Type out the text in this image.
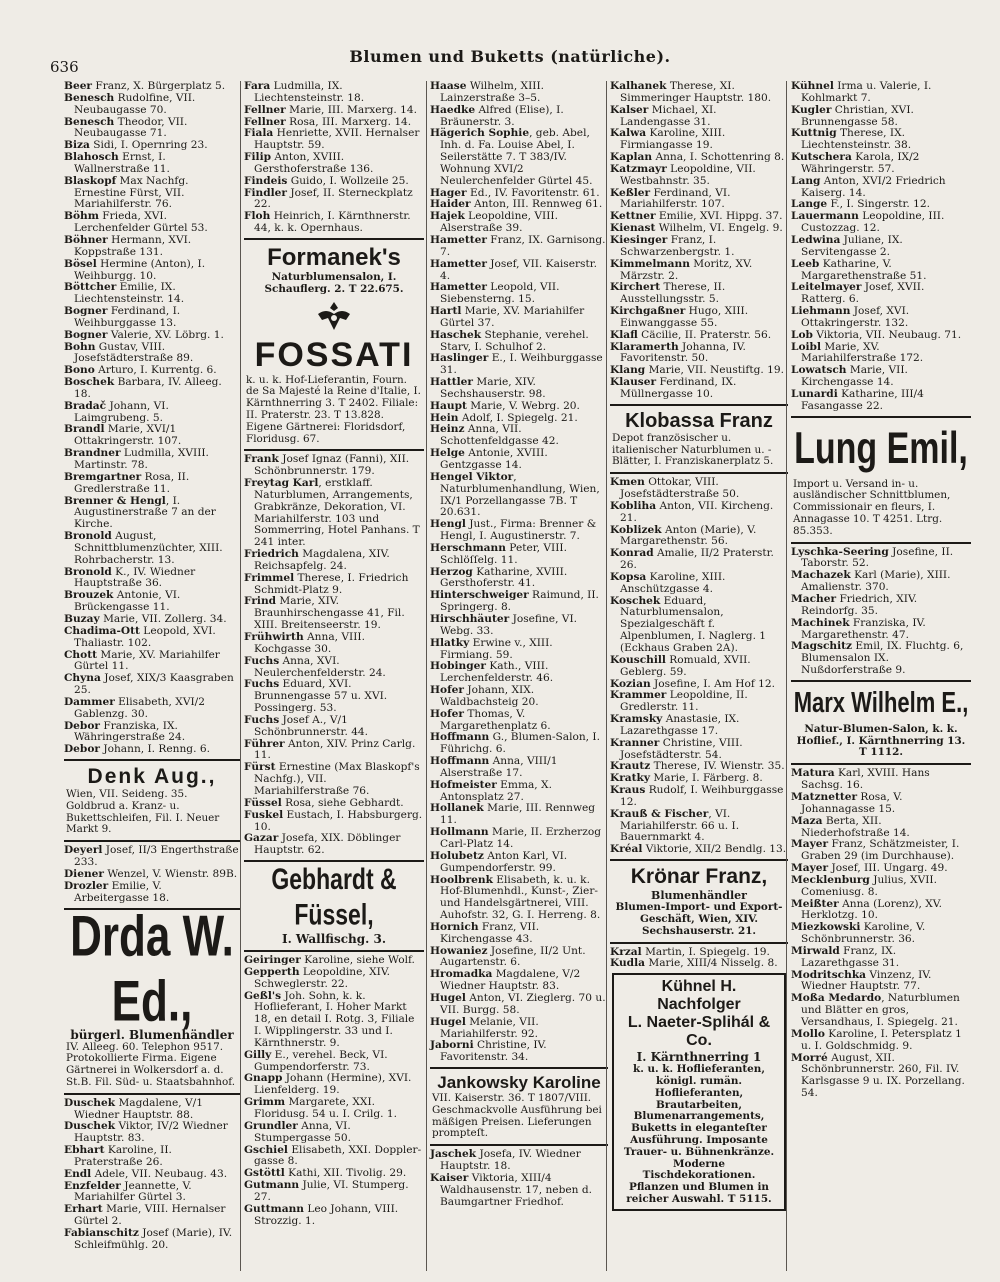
636
Blumen und Buketts (natürliche).

Beer Franz, X. Bürgerplatz 5.

Benesch Rudolfine, VII. Neubaugasse 70.

Benesch Theodor, VII. Neubaugasse 71.

Biza Sidi, I. Opernring 23.

Blahosch Ernst, I. Wallnerstraße 11.

Blaskopf Max Nachfg. Ernestine Fürst, VII. Mariahilferstr. 76.

Böhm Frieda, XVI. Lerchenfelder Gürtel 53.

Böhner Hermann, XVI. Koppstraße 131.

Bösel Hermine (Anton), I. Weihburgg. 10.

Böttcher Emilie, IX. Liechtensteinstr. 14.

Bogner Ferdinand, I. Weihburggasse 13.

Bogner Valerie, XV. Löbrg. 1.

Bohn Gustav, VIII. Josefstädterstraße 89.

Bono Arturo, I. Kurrentg. 6.

Boschek Barbara, IV. Alleeg. 18.

Bradač Johann, VI. Laimgrubeng. 5.

Brandl Marie, XVI/1 Ottakringerstr. 107.

Brandner Ludmilla, XVIII. Martinstr. 78.

Bremgartner Rosa, II. Gredlerstraße 11.

Brenner & Hengl, I. Augustinerstraße 7 an der Kirche.

Bronold August, Schnittblumenzüchter, XIII. Rohrbacherstr. 13.

Bronold K., IV. Wiedner Hauptstraße 36.

Brouzek Antonie, VI. Brückengasse 11.

Buzay Marie, VII. Zollerg. 34.

Chadima-Ott Leopold, XVI. Thaliastr. 102.

Chott Marie, XV. Mariahilfer Gürtel 11.

Chyna Josef, XIX/3 Kaasgraben 25.

Dammer Elisabeth, XVI/2 Gablenzg. 30.

Debor Franziska, IX. Währingerstraße 24.

Debor Johann, I. Renng. 6.

Denk Aug.,
Wien, VII. Seideng. 35. Goldbrud a. Kranz- u. Bukettschleifen, Fil. I. Neuer Markt 9.

Deyerl Josef, II/3 Engerthstraße 233.

Diener Wenzel, V. Wienstr. 89B.

Drozler Emilie, V. Arbeitergasse 18.

Drda W. Ed.,
bürgerl. Blumenhändler
IV. Alleeg. 60. Telephon 9517. Protokollierte Firma. Eigene Gärtnerei in Wolkersdorf a. d. St.B. Fil. Süd- u. Staatsbahnhof.

Duschek Magdalene, V/1 Wiedner Hauptstr. 88.

Duschek Viktor, IV/2 Wiedner Hauptstr. 83.

Ebhart Karoline, II. Praterstraße 26.

Endl Adele, VII. Neubaug. 43.

Enzfelder Jeannette, V. Mariahilfer Gürtel 3.

Erhart Marie, VIII. Hernalser Gürtel 2.

Fabianschitz Josef (Marie), IV. Schleifmühlg. 20.

Fara Ludmilla, IX. Liechtensteinstr. 18.

Fellner Marie, III. Marxerg. 14.

Fellner Rosa, III. Marxerg. 14.

Fiala Henriette, XVII. Hernalser Hauptstr. 59.

Filip Anton, XVIII. Gersthoferstraße 136.

Findeis Guido, I. Wollzeile 25.

Findler Josef, II. Sterneckplatz 22.

Floh Heinrich, I. Kärnthnerstr. 44, k. k. Opernhaus.

Formanek's
Naturblumensalon, I. Schauflerg. 2. T 22.675.
FOSSATI
k. u. k. Hof-Lieferantin, Fourn. de Sa Majesté la Reine d'Italie, I. Kärnthnerring 3. T 2402. Filiale: II. Praterstr. 23. T 13.828. Eigene Gärtnerei: Floridsdorf, Floridusg. 67.

Frank Josef Ignaz (Fanni), XII. Schönbrunnerstr. 179.

Freytag Karl, erstklaff. Naturblumen, Arrangements, Grabkränze, Dekoration, VI. Mariahilferstr. 103 und Sommerring, Hotel Panhans. T 241 inter.

Friedrich Magdalena, XIV. Reichsapfelg. 24.

Frimmel Therese, I. Friedrich Schmidt-Platz 9.

Frind Marie, XIV. Braunhirschengasse 41, Fil. XIII. Breitenseerstr. 19.

Frühwirth Anna, VIII. Kochgasse 30.

Fuchs Anna, XVI. Neulerchenfelderstr. 24.

Fuchs Eduard, XVI. Brunnengasse 57 u. XVI. Possingerg. 53.

Fuchs Josef A., V/1 Schönbrunnerstr. 44.

Führer Anton, XIV. Prinz Carlg. 11.

Fürst Ernestine (Max Blaskopf's Nachfg.), VII. Mariahilferstraße 76.

Füssel Rosa, siehe Gebhardt.

Fuskel Eustach, I. Habsburgerg. 10.

Gazar Josefa, XIX. Döblinger Hauptstr. 62.

Gebhardt & Füssel,
I. Wallfischg. 3.

Geiringer Karoline, siehe Wolf.

Gepperth Leopoldine, XIV. Schweglerstr. 22.

Geßl's Joh. Sohn, k. k. Hoflieferant, I. Hoher Markt 18, en detail I. Rotg. 3, Filiale I. Wipplingerstr. 33 und I. Kärnthnerstr. 9.

Gilly E., verehel. Beck, VI. Gumpendorferstr. 73.

Gnapp Johann (Hermine), XVI. Lienfelderg. 19.

Grimm Margarete, XXI. Floridusg. 54 u. I. Crilg. 1.

Grundler Anna, VI. Stumpergasse 50.

Gschiel Elisabeth, XXI. Dopplergasse 8.

Gstöttl Kathi, XII. Tivolig. 29.

Gutmann Julie, VI. Stumperg. 27.

Guttmann Leo Johann, VIII. Strozzig. 1.

Haase Wilhelm, XIII. Lainzerstraße 3–5.

Haedke Alfred (Elise), I. Bräunerstr. 3.

Hägerich Sophie, geb. Abel, Inh. d. Fa. Louise Abel, I. Seilerstätte 7. T 383/IV. Wohnung XVI/2 Neulerchenfelder Gürtel 45.

Hager Ed., IV. Favoritenstr. 61.

Haider Anton, III. Rennweg 61.

Hajek Leopoldine, VIII. Alserstraße 39.

Hametter Franz, IX. Garnisong. 7.

Hametter Josef, VII. Kaiserstr. 4.

Hametter Leopold, VII. Siebensterng. 15.

Hartl Marie, XV. Mariahilfer Gürtel 37.

Haschek Stephanie, verehel. Starv, I. Schulhof 2.

Haslinger E., I. Weihburggasse 31.

Hattler Marie, XIV. Sechshauserstr. 98.

Haupt Marie, V. Webrg. 20.

Hein Adolf, I. Spiegelg. 21.

Heinz Anna, VII. Schottenfeldgasse 42.

Helge Antonie, XVIII. Gentzgasse 14.

Hengel Viktor, Naturblumenhandlung, Wien, IX/1 Porzellangasse 7B. T 20.631.

Hengl Just., Firma: Brenner & Hengl, I. Augustinerstr. 7.

Herschmann Peter, VIII. Schlöſſelg. 11.

Herzog Katharine, XVIII. Gersthoferstr. 41.

Hinterschweiger Raimund, II. Springerg. 8.

Hirschhäuter Josefine, VI. Webg. 33.

Hlatky Erwine v., XIII. Firmiang. 59.

Hobinger Kath., VIII. Lerchenfelderstr. 46.

Hofer Johann, XIX. Waldbachsteig 20.

Hofer Thomas, V. Margarethenplatz 6.

Hoffmann G., Blumen-Salon, I. Führichg. 6.

Hoffmann Anna, VIII/1 Alserstraße 17.

Hofmeister Emma, X. Antonsplatz 27.

Hollanek Marie, III. Rennweg 11.

Hollmann Marie, II. Erzherzog Carl-Platz 14.

Holubetz Anton Karl, VI. Gumpendorferstr. 99.

Hoolbrenk Elisabeth, k. u. k. Hof-Blumenhdl., Kunst-, Zier- und Handelsgärtnerei, VIII. Auhofstr. 32, G. I. Herreng. 8.

Hornich Franz, VII. Kirchengasse 43.

Howaniez Josefine, II/2 Unt. Augartenstr. 6.

Hromadka Magdalene, V/2 Wiedner Hauptstr. 83.

Hugel Anton, VI. Zieglerg. 70 u. VII. Burgg. 58.

Hugel Melanie, VII. Mariahilferstr. 92.

Jaborni Christine, IV. Favoritenstr. 34.

Jankowsky Karoline
VII. Kaiserstr. 36. T 1807/VIII. Geschmackvolle Ausführung bei mäßigen Preisen. Lieferungen prompteſt.

Jaschek Josefa, IV. Wiedner Hauptstr. 18.

Kaiser Viktoria, XIII/4 Waldhausenstr. 17, neben d. Baumgartner Friedhof.

Kalhanek Therese, XI. Simmeringer Hauptstr. 180.

Kalser Michael, XI. Landengasse 31.

Kalwa Karoline, XIII. Firmiangasse 19.

Kaplan Anna, I. Schottenring 8.

Katzmayr Leopoldine, VII. Westbahnstr. 35.

Keßler Ferdinand, VI. Mariahilferstr. 107.

Kettner Emilie, XVI. Hippg. 37.

Kienast Wilhelm, VI. Engelg. 9.

Kiesinger Franz, I. Schwarzenbergstr. 1.

Kimmelmann Moritz, XV. Märzstr. 2.

Kirchert Therese, II. Ausstellungsstr. 5.

Kirchgaßner Hugo, XIII. Einwanggasse 55.

Klafl Cäcilie, II. Praterstr. 56.

Klaramerth Johanna, IV. Favoritenstr. 50.

Klang Marie, VII. Neustiftg. 19.

Klauser Ferdinand, IX. Müllnergasse 10.

Klobassa Franz
Depot französischer u. italienischer Naturblumen u. -Blätter, I. Franziskanerplatz 5.

Kmen Ottokar, VIII. Josefstädterstraße 50.

Kobliha Anton, VII. Kircheng. 21.

Koblizek Anton (Marie), V. Margarethenstr. 56.

Konrad Amalie, II/2 Praterstr. 26.

Kopsa Karoline, XIII. Anschützgasse 4.

Koschek Eduard, Naturblumensalon, Spezialgeschäft f. Alpenblumen, I. Naglerg. 1 (Eckhaus Graben 2A).

Kouschill Romuald, XVII. Geblerg. 59.

Kozian Josefine, I. Am Hof 12.

Krammer Leopoldine, II. Gredlerstr. 11.

Kramsky Anastasie, IX. Lazarethgasse 17.

Kranner Christine, VIII. Josefstädterstr. 54.

Krautz Therese, IV. Wienstr. 35.

Kratky Marie, I. Färberg. 8.

Kraus Rudolf, I. Weihburggasse 12.

Krauß & Fischer, VI. Mariahilferstr. 66 u. I. Bauernmarkt 4.

Kréal Viktorie, XII/2 Bendlg. 13.

Krönar Franz,
Blumenhändler
Blumen-Import- und Export-Geschäft, Wien, XIV. Sechshauserstr. 21.

Krzal Martin, I. Spiegelg. 19.

Kudla Marie, XIII/4 Nisselg. 8.

Kühnel H. Nachfolger
L. Naeter-Splihál & Co.
I. Kärnthnerring 1
k. u. k. Hoflieferanten, königl. rumän. Hoflieferanten, Brautarbeiten, Blumenarrangements, Buketts in eleganteſter Ausführung. Imposante Trauer- u. Bühnenkränze. Moderne Tischdekorationen. Pflanzen und Blumen in reicher Auswahl. T 5115.

Kühnel Irma u. Valerie, I. Kohlmarkt 7.

Kugler Christian, XVI. Brunnengasse 58.

Kuttnig Therese, IX. Liechtensteinstr. 38.

Kutschera Karola, IX/2 Währingerstr. 57.

Lang Anton, XVI/2 Friedrich Kaiserg. 14.

Lange F., I. Singerstr. 12.

Lauermann Leopoldine, III. Custozzag. 12.

Ledwina Juliane, IX. Servitengasse 2.

Leeb Katharine, V. Margarethenstraße 51.

Leitelmayer Josef, XVII. Ratterg. 6.

Liehmann Josef, XVI. Ottakringerstr. 132.

Lob Viktoria, VII. Neubaug. 71.

Loibl Marie, XV. Mariahilferstraße 172.

Lowatsch Marie, VII. Kirchengasse 14.

Lunardi Katharine, III/4 Fasangasse 22.

Lung Emil,
Import u. Versand in- u. ausländischer Schnittblumen, Commissionair en fleurs, I. Annagasse 10. T 4251. Ltrg. 85.353.

Lyschka-Seering Josefine, II. Taborstr. 52.

Machazek Karl (Marie), XIII. Amalienstr. 370.

Macher Friedrich, XIV. Reindorfg. 35.

Machinek Franziska, IV. Margarethenstr. 47.

Magschitz Emil, IX. Fluchtg. 6, Blumensalon IX. Nußdorferstraße 9.

Marx Wilhelm E.,
Natur-Blumen-Salon, k. k. Hoflief., I. Kärnthnerring 13. T 1112.

Matura Karl, XVIII. Hans Sachsg. 16.

Matznetter Rosa, V. Johannagasse 15.

Maza Berta, XII. Niederhofstraße 14.

Mayer Franz, Schätzmeister, I. Graben 29 (im Durchhause).

Mayer Josef, III. Ungarg. 49.

Mecklenburg Julius, XVII. Comeniusg. 8.

Meißter Anna (Lorenz), XV. Herklotzg. 10.

Miezkowski Karoline, V. Schönbrunnerstr. 36.

Mirwald Franz, IX. Lazarethgasse 31.

Modritschka Vinzenz, IV. Wiedner Hauptstr. 77.

Moßa Medardo, Naturblumen und Blätter en gros, Versandhaus, I. Spiegelg. 21.

Mollo Karoline, I. Petersplatz 1 u. I. Goldschmidg. 9.

Morré August, XII. Schönbrunnerstr. 260, Fil. IV. Karlsgasse 9 u. IX. Porzellang. 54.
